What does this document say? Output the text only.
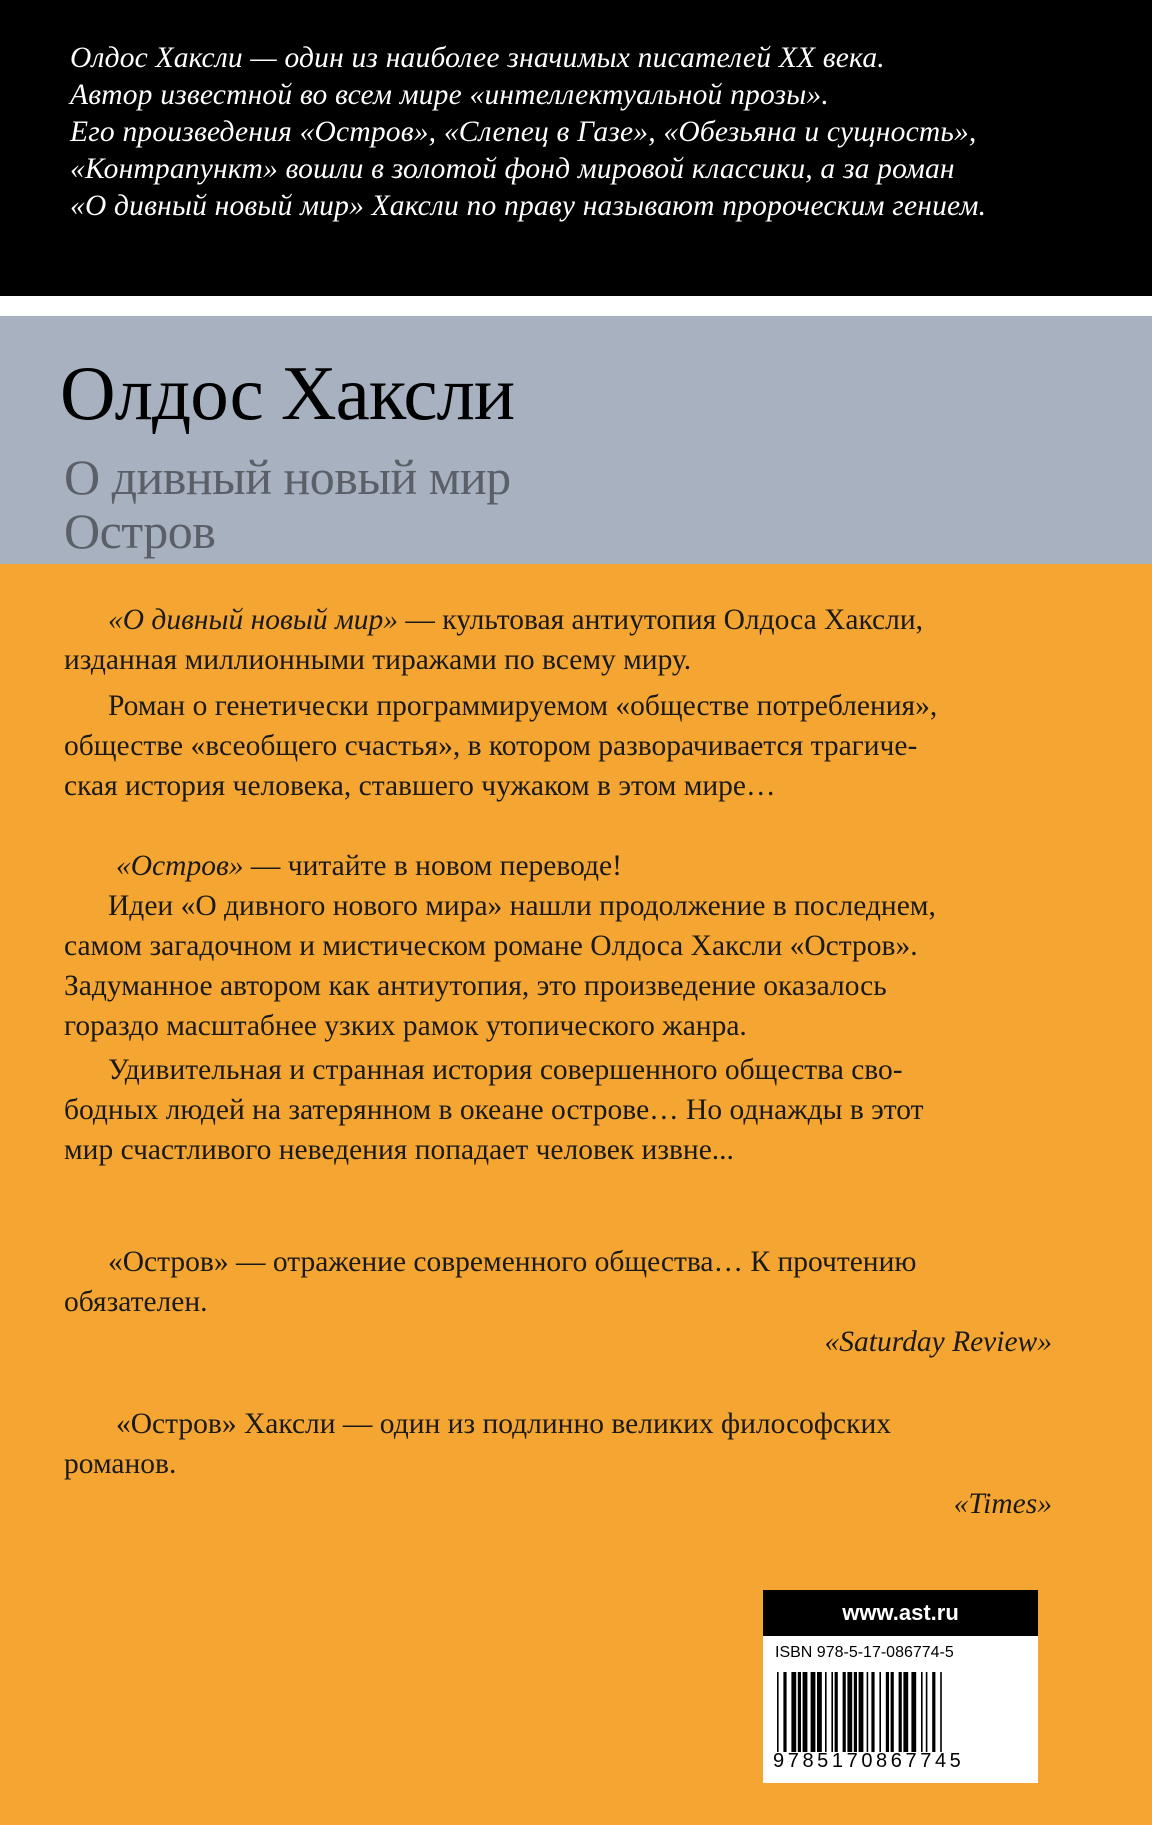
Олдос Хаксли — один из наиболее значимых писателей XX века.

Автор известной во всем мире «интеллектуальной прозы».

Его произведения «Остров», «Слепец в Газе», «Обезьяна и сущность»,

«Контрапункт» вошли в золотой фонд мировой классики, а за роман

«О дивный новый мир» Хаксли по праву называют пророческим гением.

Олдос Хаксли
О дивный новый мир
Остров
«О дивный новый мир» — культовая антиутопия Олдоса Хаксли,
изданная миллионными тиражами по всему миру.
Роман о генетически программируемом «обществе потребления»,
обществе «всеобщего счастья», в котором разворачивается трагиче-
ская история человека, ставшего чужаком в этом мире…
«Остров» — читайте в новом переводе!
Идеи «О дивного нового мира» нашли продолжение в последнем,
самом загадочном и мистическом романе Олдоса Хаксли «Остров».
Задуманное автором как антиутопия, это произведение оказалось
гораздо масштабнее узких рамок утопического жанра.
Удивительная и странная история совершенного общества сво-
бодных людей на затерянном в океане острове… Но однажды в этот
мир счастливого неведения попадает человек извне...
«Остров» — отражение современного общества… К прочтению
обязателен.
«Saturday Review»
«Остров» Хаксли — один из подлинно великих философских
романов.
«Times»
www.ast.ru
ISBN 978-5-17-086774-5
9785170867745
